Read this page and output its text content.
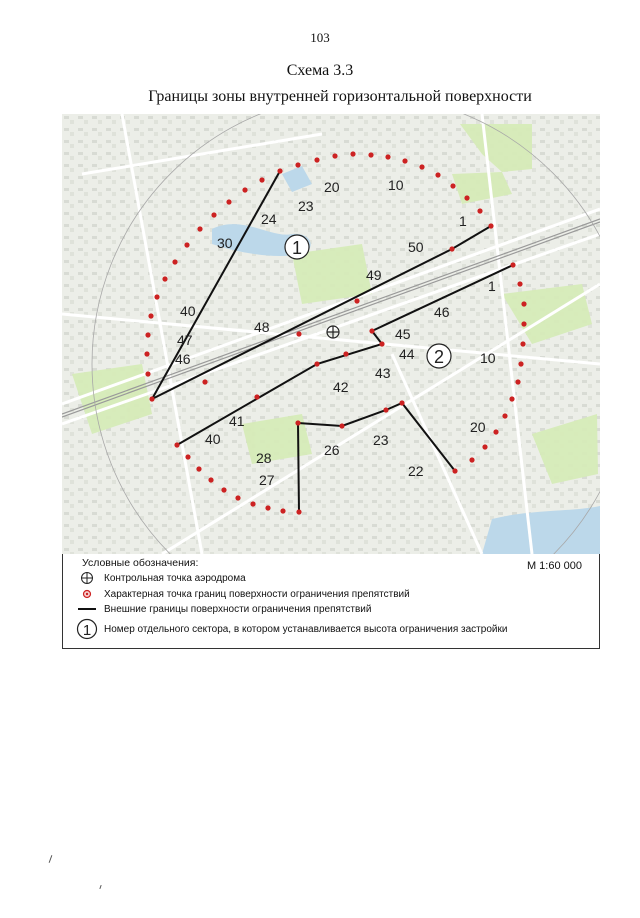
103
Схема 3.3
Границы зоны внутренней горизонтальной поверхности
1
2
20	10
23
24
30
1
50
49
1
46
40
48
47
46
45
44	10
43
42
41
40
20
26
23
28
27
22
Условные обозначения:	М 1:60 000
Контрольная точка аэродрома
Характерная точка границ поверхности ограничения препятствий
Внешние границы поверхности ограничения препятствий
1 Номер отдельного сектора, в котором устанавливается высота ограничения застройки
